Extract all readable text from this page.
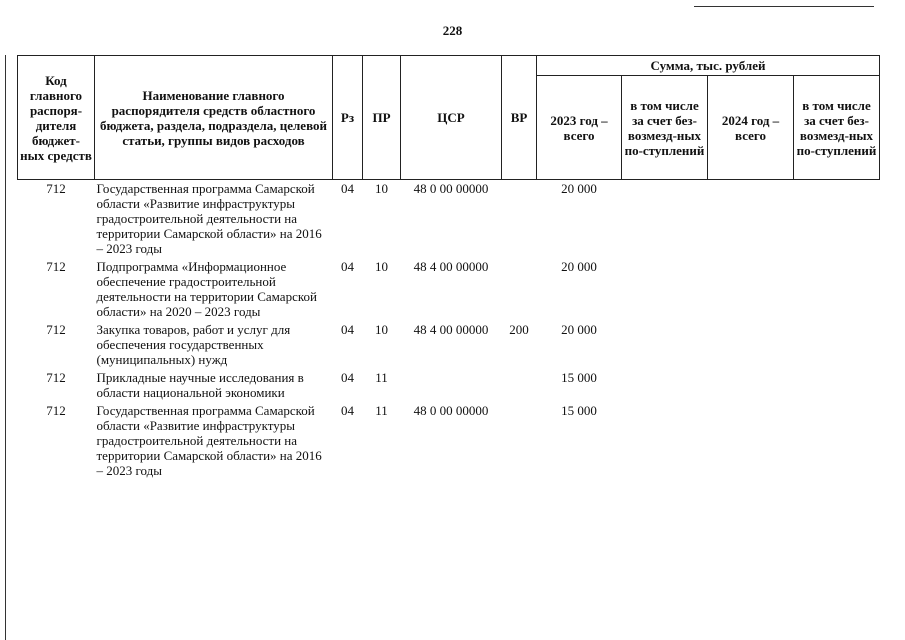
228
Код главного распоря-дителя бюджет-ных средств	Наименование главного распорядителя средств областного бюджета, раздела, подраздела, целевой статьи, группы видов расходов	Рз	ПР	ЦСР	ВР	Сумма, тыс. рублей			
						2023 год – всего	в том числе за счет без-возмезд-ных по-ступлений	2024 год – всего	в том числе за счет без-возмезд-ных по-ступлений
712	Государственная программа Самарской области «Развитие инфраструктуры градостроительной деятельности на территории Самарской области» на 2016 – 2023 годы	04	10	48 0 00 00000		20 000			
712	Подпрограмма «Информационное обеспечение градостроительной деятельности на территории Самарской области» на 2020 – 2023 годы	04	10	48 4 00 00000		20 000			
712	Закупка товаров, работ и услуг для обеспечения государственных (муниципальных) нужд	04	10	48 4 00 00000	200	20 000			
712	Прикладные научные исследования в области национальной экономики	04	11			15 000			
712	Государственная программа Самарской области «Развитие инфраструктуры градостроительной деятельности на территории Самарской области» на 2016 – 2023 годы	04	11	48 0 00 00000		15 000			
